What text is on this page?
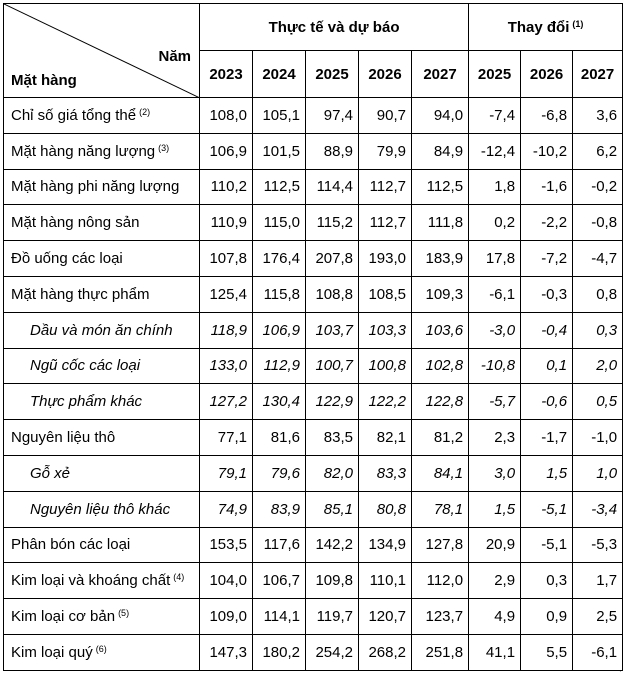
Năm
Mặt hàng	Thực tế và dự báo					Thay đổi $^{(1)}$
	2023	2024	2025	2026	2027	2025	2026	2027
Chỉ số giá tổng thể $^{(2)}$	108,0	105,1	97,4	90,7	94,0	-7,4	-6,8	3,6
Mặt hàng năng lượng $^{(3)}$	106,9	101,5	88,9	79,9	84,9	-12,4	-10,2	6,2
Mặt hàng phi năng lượng	110,2	112,5	114,4	112,7	112,5	1,8	-1,6	-0,2
Mặt hàng nông sản	110,9	115,0	115,2	112,7	111,8	0,2	-2,2	-0,8
Đồ uống các loại	107,8	176,4	207,8	193,0	183,9	17,8	-7,2	-4,7
Mặt hàng thực phẩm	125,4	115,8	108,8	108,5	109,3	-6,1	-0,3	0,8
Dầu và món ăn chính	118,9	106,9	103,7	103,3	103,6	-3,0	-0,4	0,3
Ngũ cốc các loại	133,0	112,9	100,7	100,8	102,8	-10,8	0,1	2,0
Thực phẩm khác	127,2	130,4	122,9	122,2	122,8	-5,7	-0,6	0,5
Nguyên liệu thô	77,1	81,6	83,5	82,1	81,2	2,3	-1,7	-1,0
Gỗ xẻ	79,1	79,6	82,0	83,3	84,1	3,0	1,5	1,0
Nguyên liệu thô khác	74,9	83,9	85,1	80,8	78,1	1,5	-5,1	-3,4
Phân bón các loại	153,5	117,6	142,2	134,9	127,8	20,9	-5,1	-5,3
Kim loại và khoáng chất $^{(4)}$	104,0	106,7	109,8	110,1	112,0	2,9	0,3	1,7
Kim loại cơ bản $^{(5)}$	109,0	114,1	119,7	120,7	123,7	4,9	0,9	2,5
Kim loại quý $^{(6)}$	147,3	180,2	254,2	268,2	251,8	41,1	5,5	-6,1
·
